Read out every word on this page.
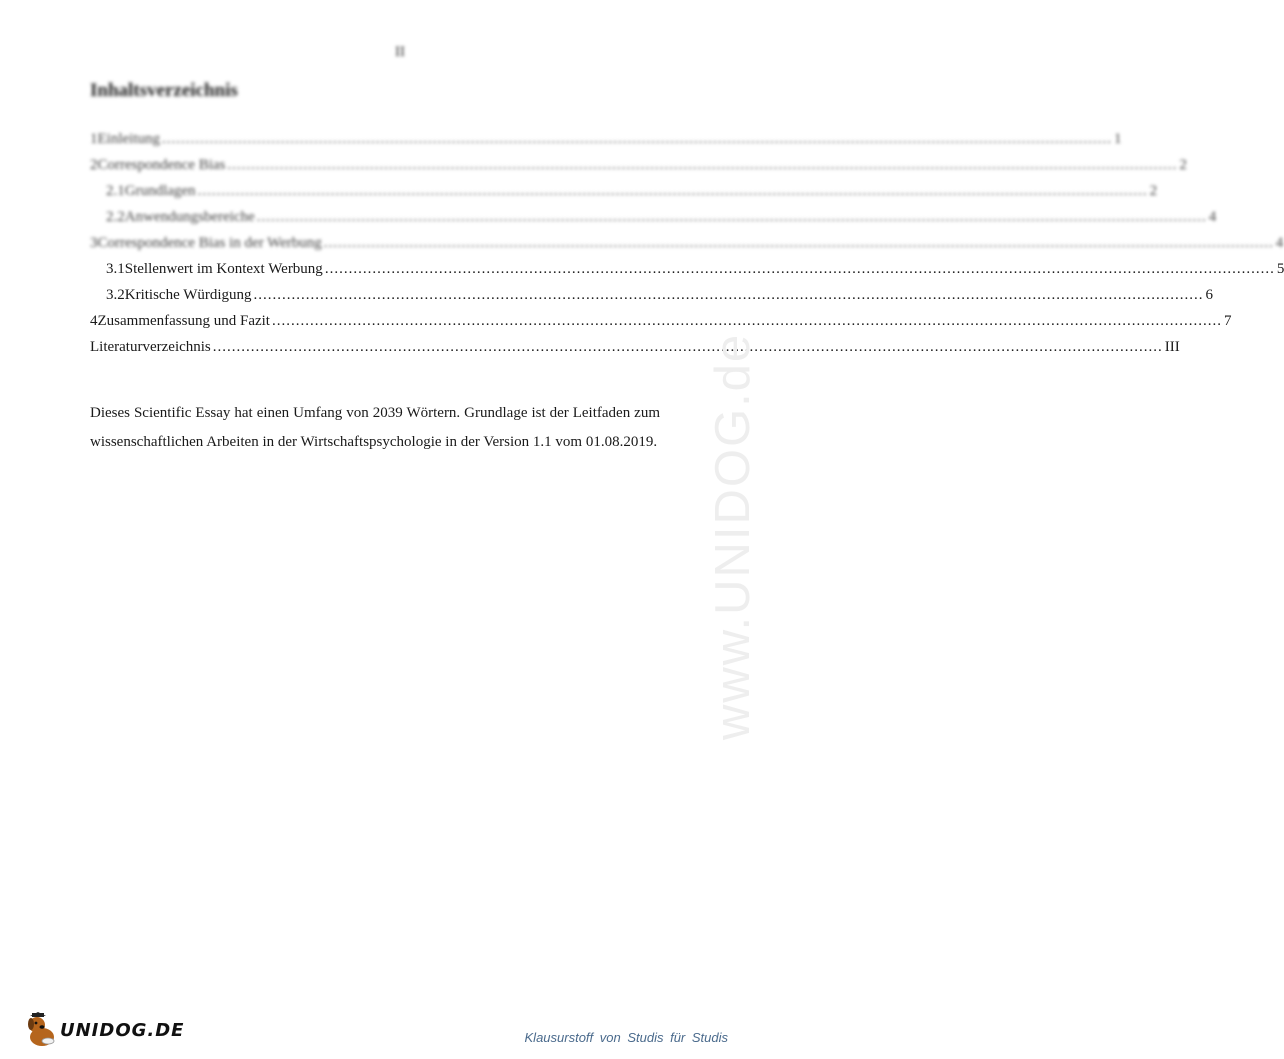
II
Inhaltsverzeichnis
1 Einleitung .....	1
2 Correspondence Bias .....	2
2.1 Grundlagen .....	2
2.2 Anwendungsbereiche .....	4
3 Correspondence Bias in der Werbung .....	4
3.1 Stellenwert im Kontext Werbung .....	5
3.2 Kritische Würdigung .....	6
4 Zusammenfassung und Fazit .....	7
Literaturverzeichnis .....	III

Dieses Scientific Essay hat einen Umfang von 2039 Wörtern. Grundlage ist der Leitfaden zum wissenschaftlichen Arbeiten in der Wirtschaftspsychologie in der Version 1.1 vom 01.08.2019. www.UNIDOG.de
UNIDOG.DE	Klausurstoff von Studis für Studis
